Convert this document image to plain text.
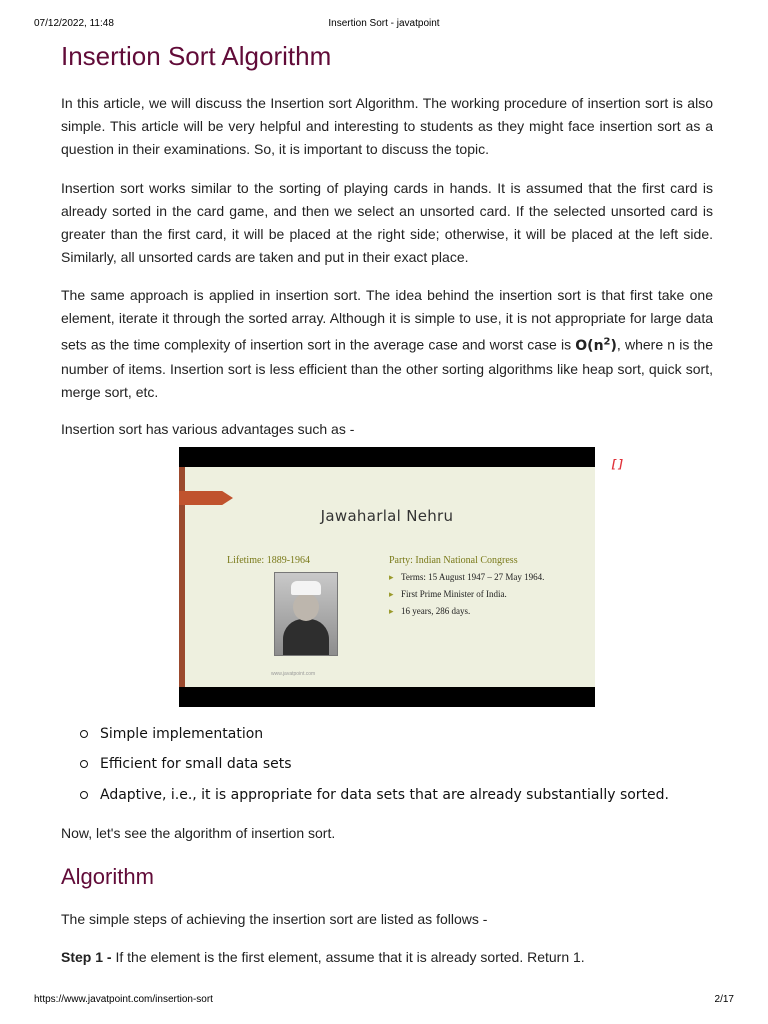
07/12/2022, 11:48	Insertion Sort - javatpoint
Insertion Sort Algorithm

In this article, we will discuss the Insertion sort Algorithm. The working procedure of insertion sort is also simple. This article will be very helpful and interesting to students as they might face insertion sort as a question in their examinations. So, it is important to discuss the topic.

Insertion sort works similar to the sorting of playing cards in hands. It is assumed that the first card is already sorted in the card game, and then we select an unsorted card. If the selected unsorted card is greater than the first card, it will be placed at the right side; otherwise, it will be placed at the left side. Similarly, all unsorted cards are taken and put in their exact place.

The same approach is applied in insertion sort. The idea behind the insertion sort is that first take one element, iterate it through the sorted array. Although it is simple to use, it is not appropriate for large data sets as the time complexity of insertion sort in the average case and worst case is $O(n^2)$, where n is the number of items. Insertion sort is less efficient than the other sorting algorithms like heap sort, quick sort, merge sort, etc.

Insertion sort has various advantages such as -

Jawaharlal Nehru
Lifetime: 1889-1964
www.javatpoint.com
Party: Indian National Congress
▸ Terms: 15 August 1947 – 27 May 1964.
▸ First Prime Minister of India.
▸ 16 years, 286 days.
[ ]
Simple implementation
Efficient for small data sets
Adaptive, i.e., it is appropriate for data sets that are already substantially sorted.

Now, let's see the algorithm of insertion sort.

Algorithm

The simple steps of achieving the insertion sort are listed as follows -

Step 1 - If the element is the first element, assume that it is already sorted. Return 1.

https://www.javatpoint.com/insertion-sort	2/17
